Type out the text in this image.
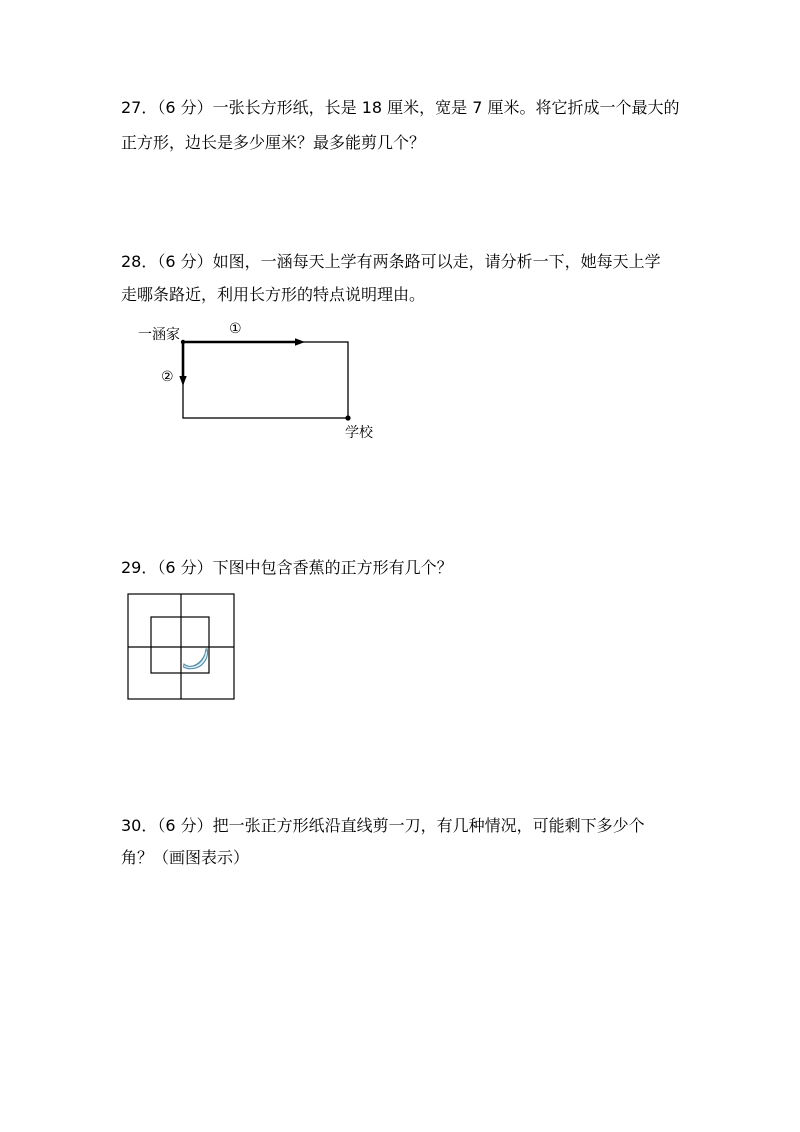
27．（6 分）一张长方形纸，长是 18 厘米，宽是 7 厘米。将它折成一个最大的
正方形，边长是多少厘米？最多能剪几个？
28．（6 分）如图，一涵每天上学有两条路可以走，请分析一下，她每天上学
走哪条路近，利用长方形的特点说明理由。
一涵家	①
②
学校
29．（6 分）下图中包含香蕉的正方形有几个？
30．（6 分）把一张正方形纸沿直线剪一刀，有几种情况，可能剩下多少个
角？（画图表示）
